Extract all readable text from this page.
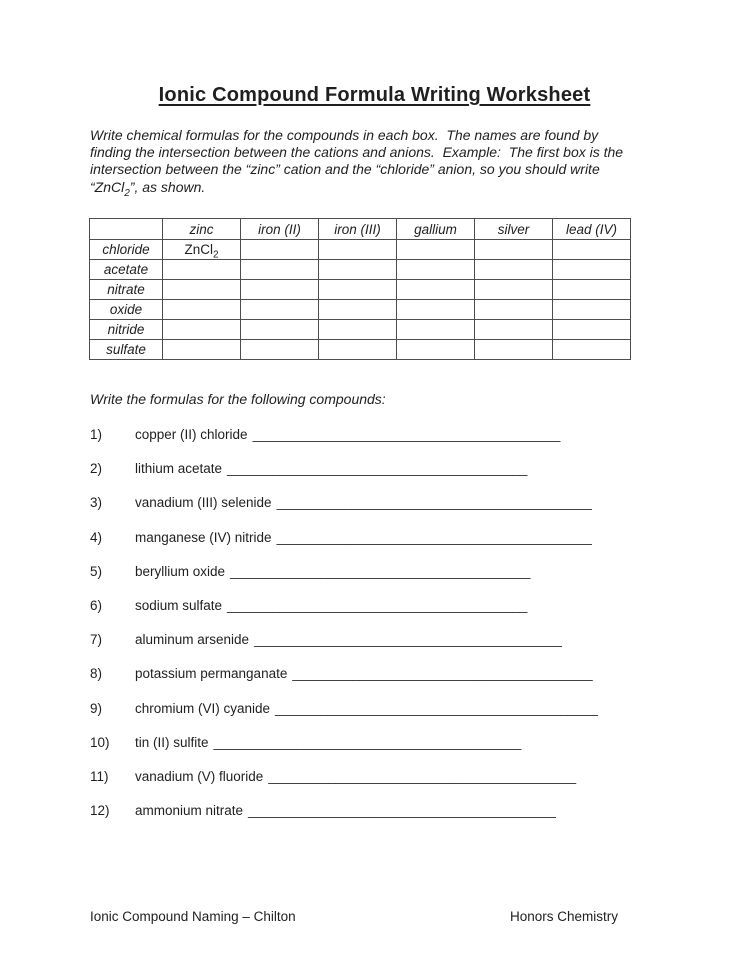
Ionic Compound Formula Writing Worksheet
Write chemical formulas for the compounds in each box.  The names are found by
finding the intersection between the cations and anions.  Example:  The first box is the
intersection between the “zinc” cation and the “chloride” anion, so you should write
“ZnCl$_2$”, as shown.
	zinc	iron (II)	iron (III)	gallium	silver	lead (IV)
chloride	ZnCl$_2$					
acetate						
nitrate						
oxide						
nitride						
sulfate						
Write the formulas for the following compounds:
1)	copper (II) chloride _________________________________________
2)	lithium acetate ________________________________________
3)	vanadium (III) selenide __________________________________________
4)	manganese (IV) nitride __________________________________________
5)	beryllium oxide ________________________________________
6)	sodium sulfate ________________________________________
7)	aluminum arsenide _________________________________________
8)	potassium permanganate ________________________________________
9)	chromium (VI) cyanide ___________________________________________
10)	tin (II) sulfite _________________________________________
11)	vanadium (V) fluoride _________________________________________
12)	ammonium nitrate _________________________________________
Ionic Compound Naming – Chilton	Honors Chemistry
